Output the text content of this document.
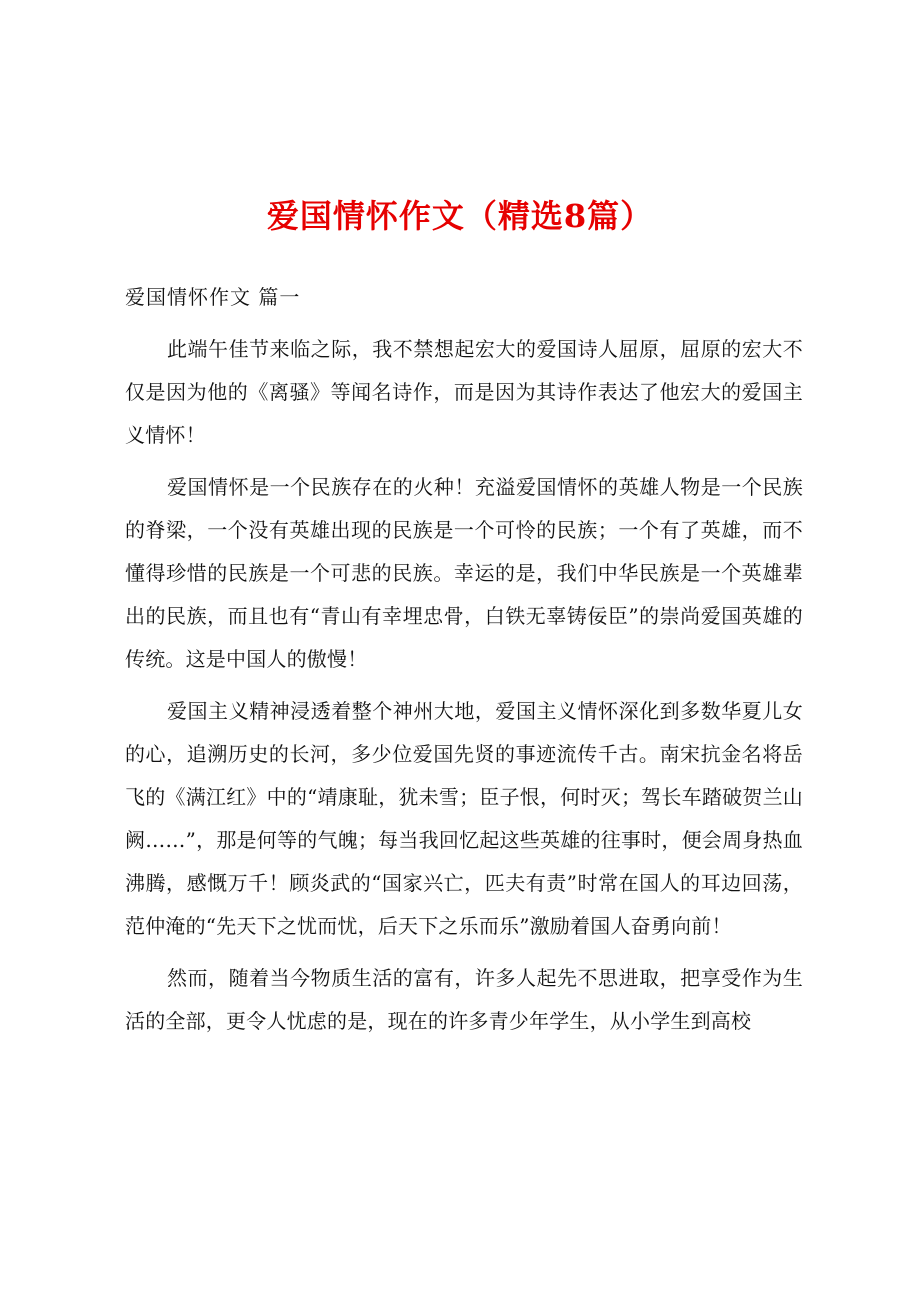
爱国情怀作文（精选8篇）
爱国情怀作文 篇一

此端午佳节来临之际，我不禁想起宏大的爱国诗人屈原，屈原的宏大不仅是因为他的《离骚》等闻名诗作，而是因为其诗作表达了他宏大的爱国主义情怀！

爱国情怀是一个民族存在的火种！充溢爱国情怀的英雄人物是一个民族的脊梁，一个没有英雄出现的民族是一个可怜的民族；一个有了英雄，而不懂得珍惜的民族是一个可悲的民族。幸运的是，我们中华民族是一个英雄辈出的民族，而且也有“青山有幸埋忠骨，白铁无辜铸佞臣”的崇尚爱国英雄的传统。这是中国人的傲慢！

爱国主义精神浸透着整个神州大地，爱国主义情怀深化到多数华夏儿女的心，追溯历史的长河，多少位爱国先贤的事迹流传千古。南宋抗金名将岳飞的《满江红》中的“靖康耻，犹未雪；臣子恨，何时灭；驾长车踏破贺兰山阙……”，那是何等的气魄；每当我回忆起这些英雄的往事时，便会周身热血沸腾，感慨万千！顾炎武的“国家兴亡，匹夫有责”时常在国人的耳边回荡，范仲淹的“先天下之忧而忧，后天下之乐而乐”激励着国人奋勇向前！

然而，随着当今物质生活的富有，许多人起先不思进取，把享受作为生活的全部，更令人忧虑的是，现在的许多青少年学生，从小学生到高校
